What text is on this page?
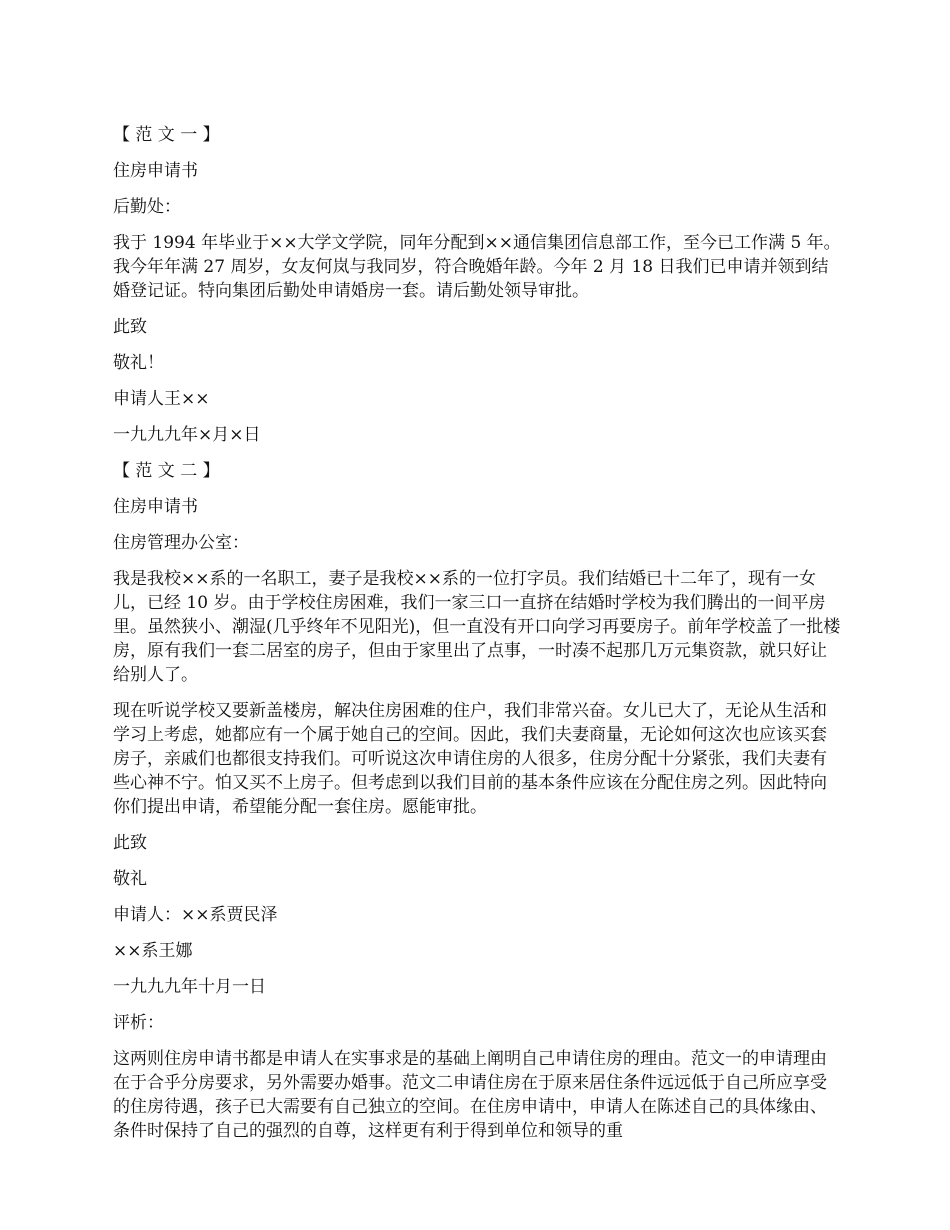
【 范 文 一 】
住房申请书
后勤处：
我于 1994 年毕业于××大学文学院，同年分配到××通信集团信息部工作，至今已工作满 5 年。我今年年满 27 周岁，女友何岚与我同岁，符合晚婚年龄。今年 2 月 18 日我们已申请并领到结婚登记证。特向集团后勤处申请婚房一套。请后勤处领导审批。
此致
敬礼！
申请人王××
一九九九年×月×日
【 范 文 二 】
住房申请书
住房管理办公室：
我是我校××系的一名职工，妻子是我校××系的一位打字员。我们结婚已十二年了，现有一女儿，已经 10 岁。由于学校住房困难，我们一家三口一直挤在结婚时学校为我们腾出的一间平房里。虽然狭小、潮湿(几乎终年不见阳光)，但一直没有开口向学习再要房子。前年学校盖了一批楼房，原有我们一套二居室的房子，但由于家里出了点事，一时凑不起那几万元集资款，就只好让给别人了。
现在听说学校又要新盖楼房，解决住房困难的住户，我们非常兴奋。女儿已大了，无论从生活和学习上考虑，她都应有一个属于她自己的空间。因此，我们夫妻商量，无论如何这次也应该买套房子，亲戚们也都很支持我们。可听说这次申请住房的人很多，住房分配十分紧张，我们夫妻有些心神不宁。怕又买不上房子。但考虑到以我们目前的基本条件应该在分配住房之列。因此特向你们提出申请，希望能分配一套住房。愿能审批。
此致
敬礼
申请人：××系贾民泽
××系王娜
一九九九年十月一日
评析：
这两则住房申请书都是申请人在实事求是的基础上阐明自己申请住房的理由。范文一的申请理由在于合乎分房要求，另外需要办婚事。范文二申请住房在于原来居住条件远远低于自己所应享受的住房待遇，孩子已大需要有自己独立的空间。在住房申请中，申请人在陈述自己的具体缘由、条件时保持了自己的强烈的自尊，这样更有利于得到单位和领导的重
